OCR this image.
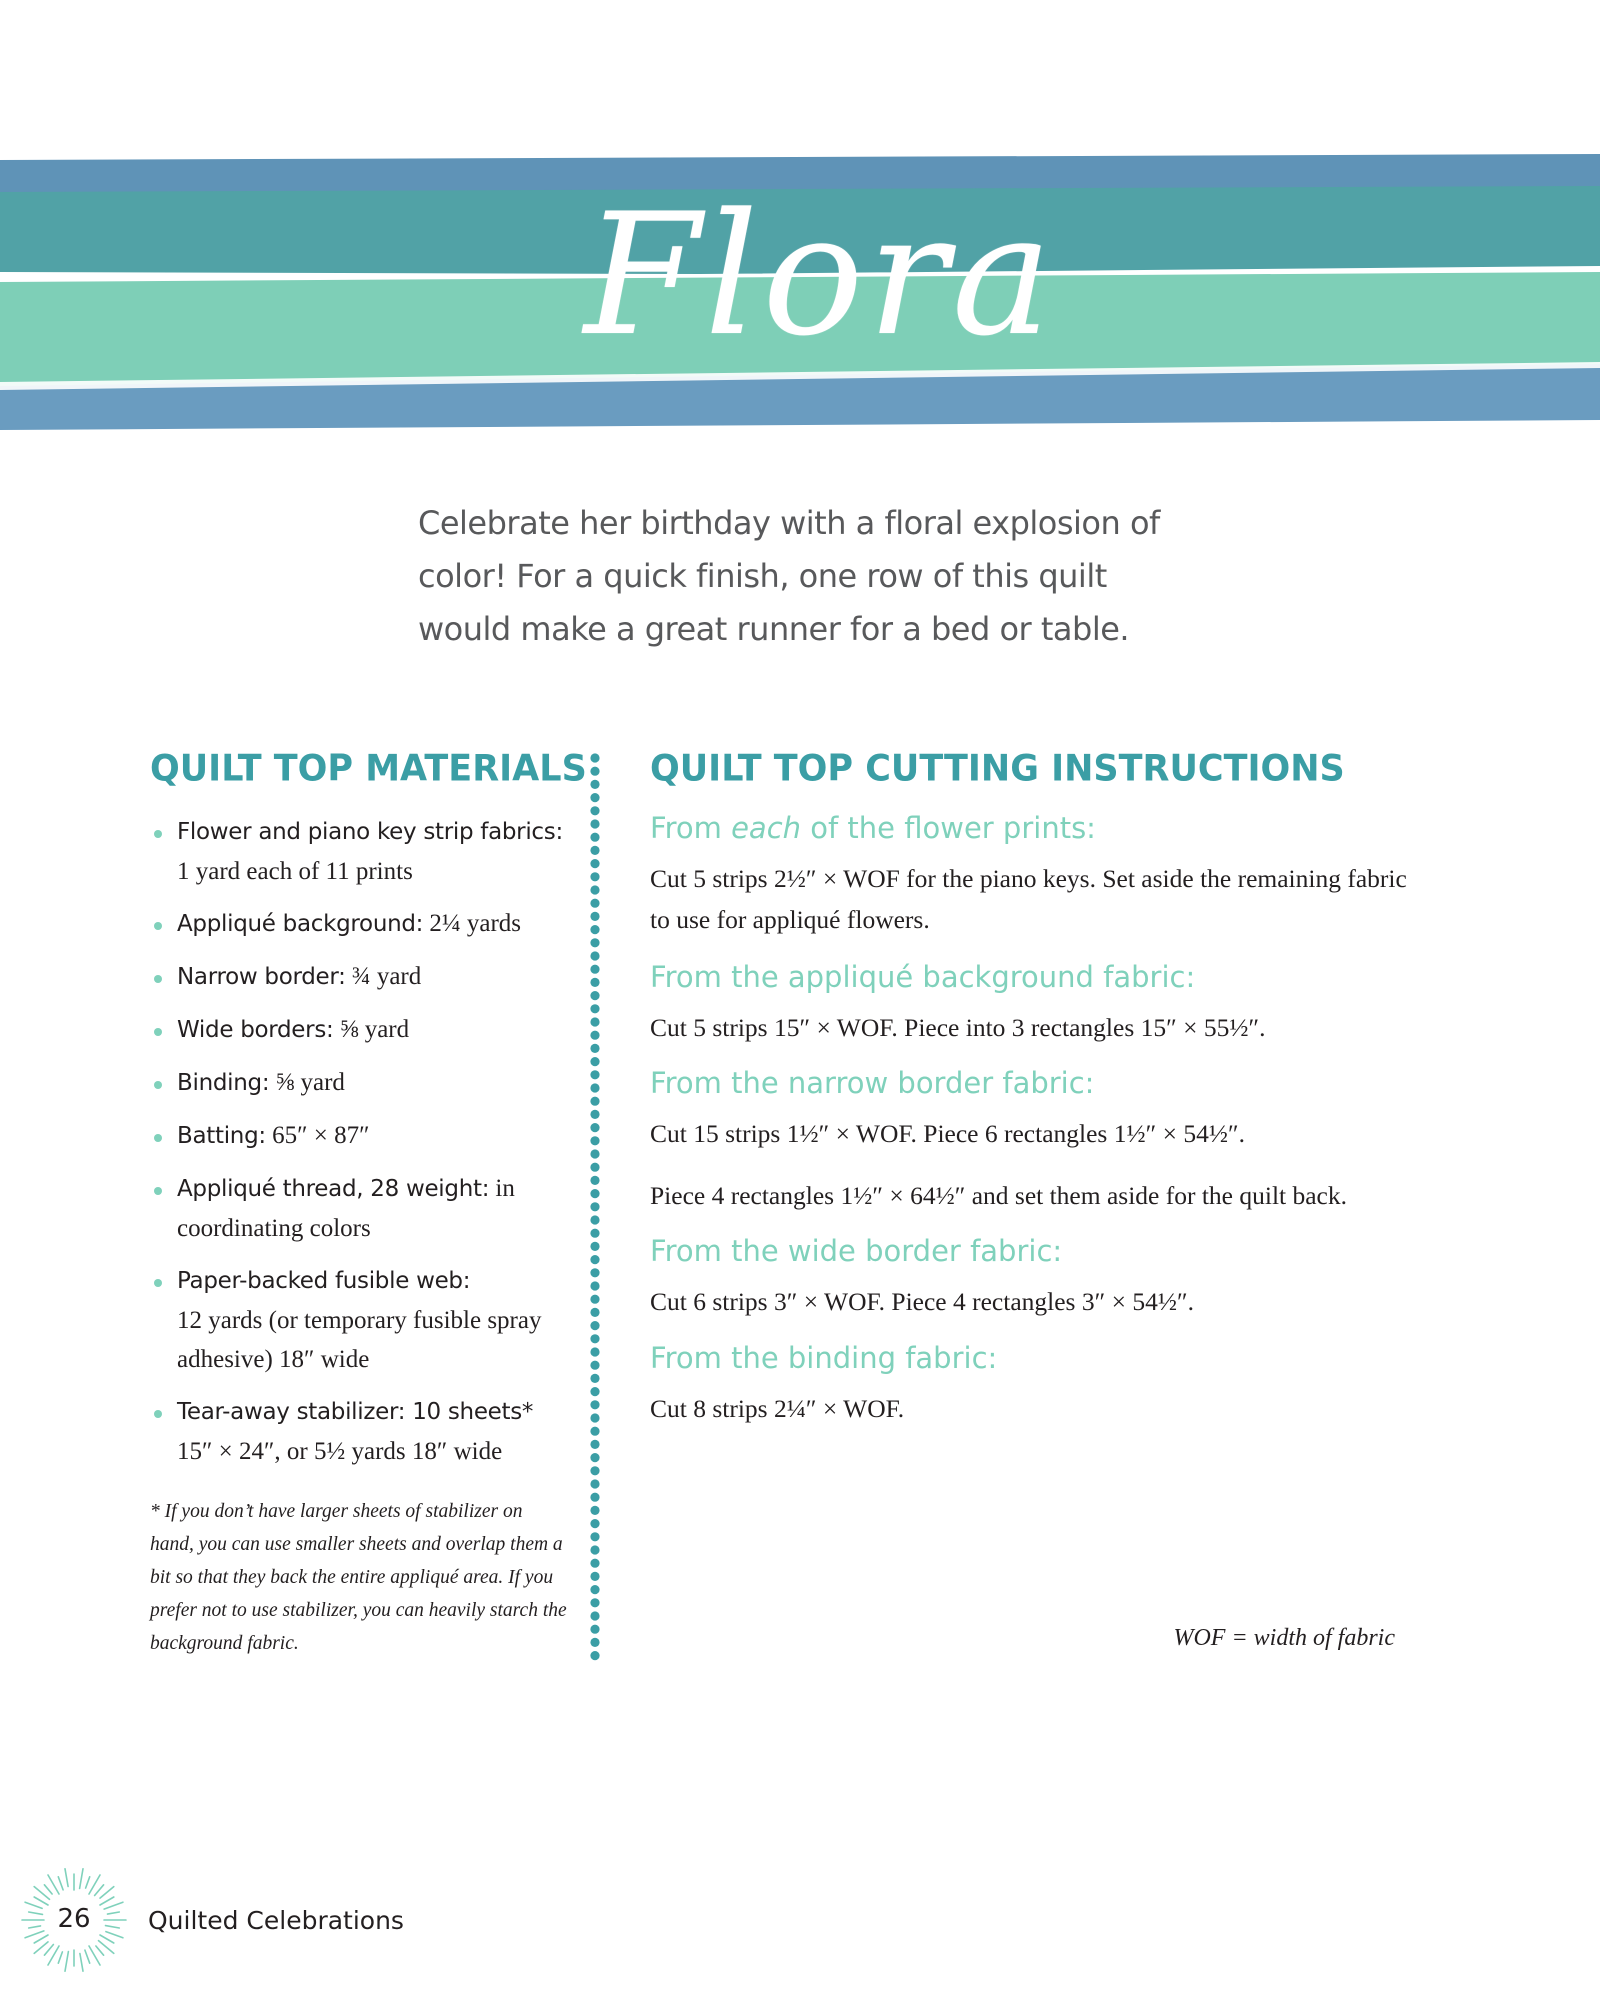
Flora
Celebrate her birthday with a floral explosion of color! For a quick finish, one row of this quilt would make a great runner for a bed or table.
QUILT TOP MATERIALS
Flower and piano key strip fabrics:
1 yard each of 11 prints
Appliqué background: 2¼ yards
Narrow border: ¾ yard
Wide borders: ⅝ yard
Binding: ⅝ yard
Batting: 65″ × 87″
Appliqué thread, 28 weight: in coordinating colors
Paper-backed fusible web:
12 yards (or temporary fusible spray adhesive) 18″ wide
Tear-away stabilizer: 10 sheets*
15″ × 24″, or 5½ yards 18″ wide
* If you don’t have larger sheets of stabilizer on hand, you can use smaller sheets and overlap them a bit so that they back the entire appliqué area. If you prefer not to use stabilizer, you can heavily starch the background fabric.
QUILT TOP CUTTING INSTRUCTIONS
From each of the flower prints:
Cut 5 strips 2½″ × WOF for the piano keys. Set aside the remaining fabric to use for appliqué flowers.
From the appliqué background fabric:
Cut 5 strips 15″ × WOF. Piece into 3 rectangles 15″ × 55½″.
From the narrow border fabric:
Cut 15 strips 1½″ × WOF. Piece 6 rectangles 1½″ × 54½″.
Piece 4 rectangles 1½″ × 64½″ and set them aside for the quilt back.
From the wide border fabric:
Cut 6 strips 3″ × WOF. Piece 4 rectangles 3″ × 54½″.
From the binding fabric:
Cut 8 strips 2¼″ × WOF.
WOF = width of fabric
26	Quilted Celebrations
